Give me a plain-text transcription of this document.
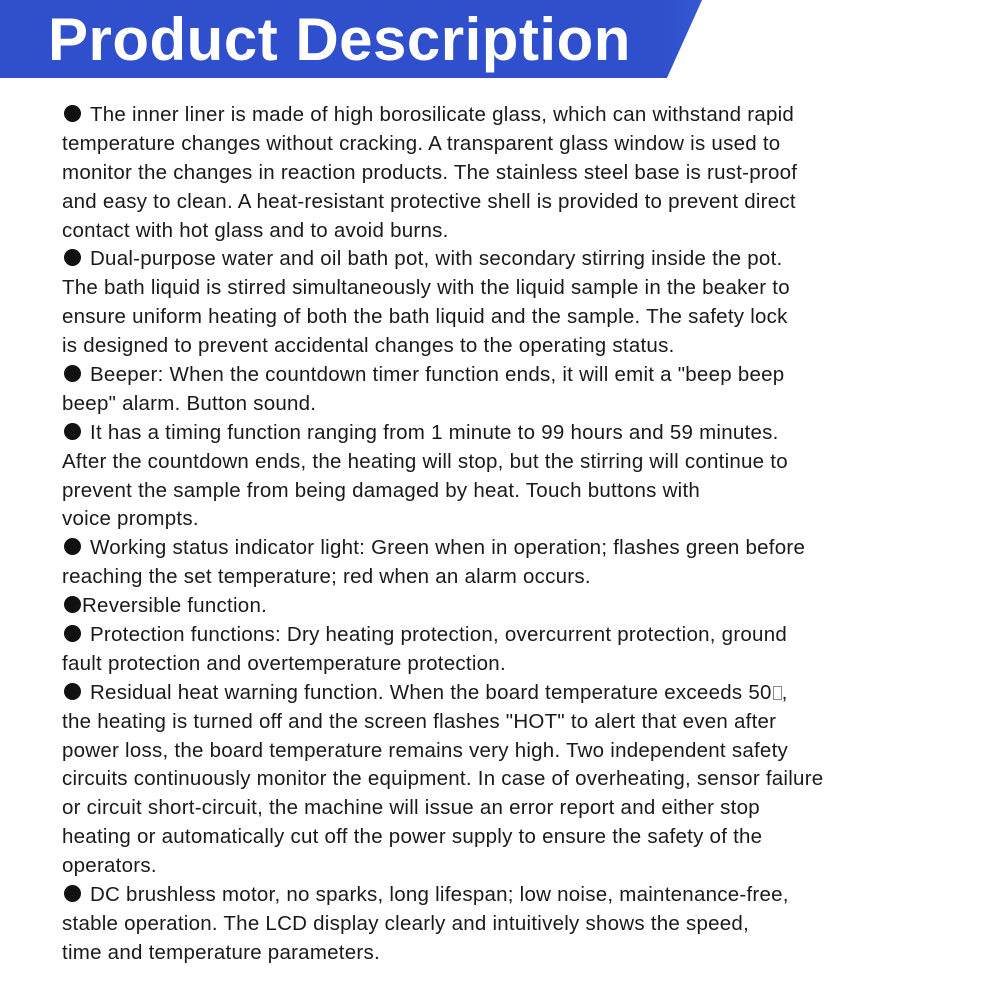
Product Description
The inner liner is made of high borosilicate glass, which can withstand rapid
temperature changes without cracking. A transparent glass window is used to
monitor the changes in reaction products. The stainless steel base is rust-proof
and easy to clean. A heat-resistant protective shell is provided to prevent direct
contact with hot glass and to avoid burns.
Dual-purpose water and oil bath pot, with secondary stirring inside the pot.
The bath liquid is stirred simultaneously with the liquid sample in the beaker to
ensure uniform heating of both the bath liquid and the sample. The safety lock
is designed to prevent accidental changes to the operating status.
Beeper: When the countdown timer function ends, it will emit a "beep beep
beep" alarm. Button sound.
It has a timing function ranging from 1 minute to 99 hours and 59 minutes.
After the countdown ends, the heating will stop, but the stirring will continue to
prevent the sample from being damaged by heat. Touch buttons with
voice prompts.
Working status indicator light: Green when in operation; flashes green before
reaching the set temperature; red when an alarm occurs.
Reversible function.
Protection functions: Dry heating protection, overcurrent protection, ground
fault protection and overtemperature protection.
Residual heat warning function. When the board temperature exceeds 50 ,
the heating is turned off and the screen flashes "HOT" to alert that even after
power loss, the board temperature remains very high. Two independent safety
circuits continuously monitor the equipment. In case of overheating, sensor failure
or circuit short-circuit, the machine will issue an error report and either stop
heating or automatically cut off the power supply to ensure the safety of the
operators.
DC brushless motor, no sparks, long lifespan; low noise, maintenance-free,
stable operation. The LCD display clearly and intuitively shows the speed,
time and temperature parameters.
